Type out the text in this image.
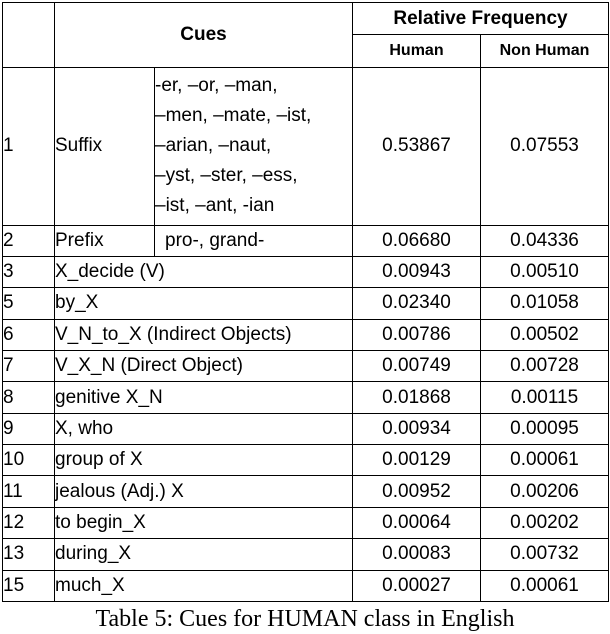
	Cues		Relative Frequency	
			Human	Non Human
1	Suffix	-er, –or, –man,
–men, –mate, –ist,
–arian, –naut,
–yst, –ster, –ess,
–ist, –ant, -ian	0.53867	0.07553
2	Prefix	pro-, grand-	0.06680	0.04336
3	X_decide (V)		0.00943	0.00510
5	by_X		0.02340	0.01058
6	V_N_to_X (Indirect Objects)		0.00786	0.00502
7	V_X_N (Direct Object)		0.00749	0.00728
8	genitive X_N		0.01868	0.00115
9	X, who		0.00934	0.00095
10	group of X		0.00129	0.00061
11	jealous (Adj.) X		0.00952	0.00206
12	to begin_X		0.00064	0.00202
13	during_X		0.00083	0.00732
15	much_X		0.00027	0.00061
Table 5: Cues for HUMAN class in English
